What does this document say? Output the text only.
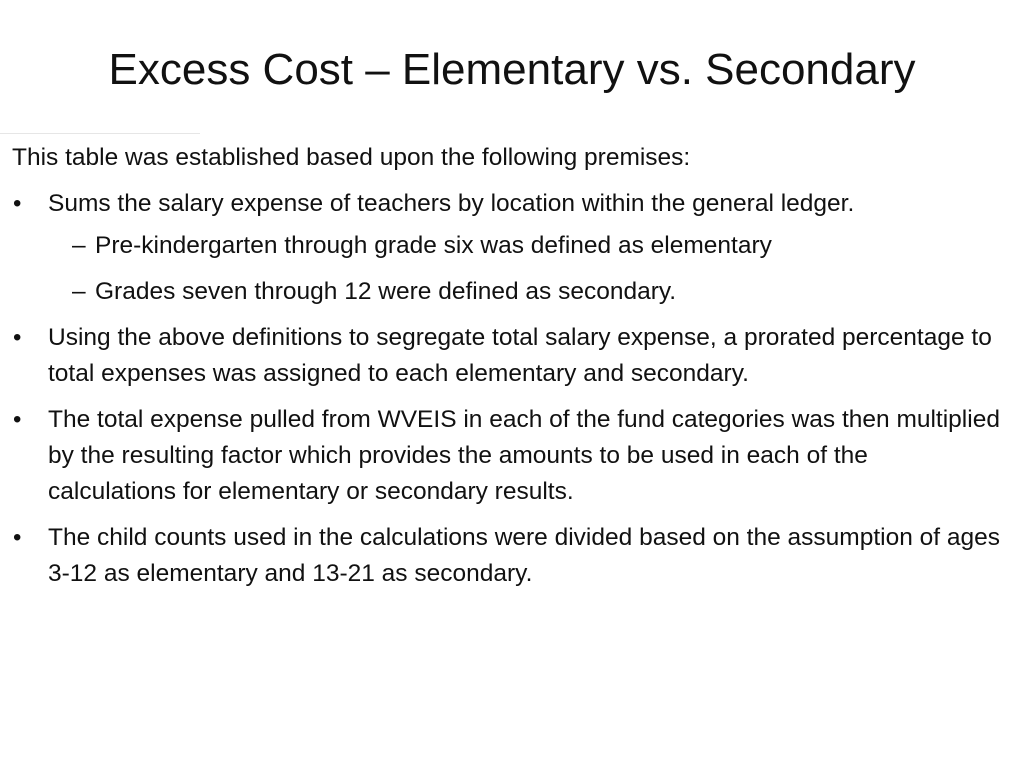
Excess Cost – Elementary vs. Secondary

This table was established based upon the following premises:

•	Sums the salary expense of teachers by location within the general ledger.
– Pre-kindergarten through grade six was defined as elementary
– Grades seven through 12 were defined as secondary.
•	Using the above definitions to segregate total salary expense, a prorated percentage to total expenses was assigned to each elementary and secondary.
•	The total expense pulled from WVEIS in each of the fund categories was then multiplied by the resulting factor which provides the amounts to be used in each of the calculations for elementary or secondary results.
•	The child counts used in the calculations were divided based on the assumption of ages 3-12 as elementary and 13-21 as secondary.
